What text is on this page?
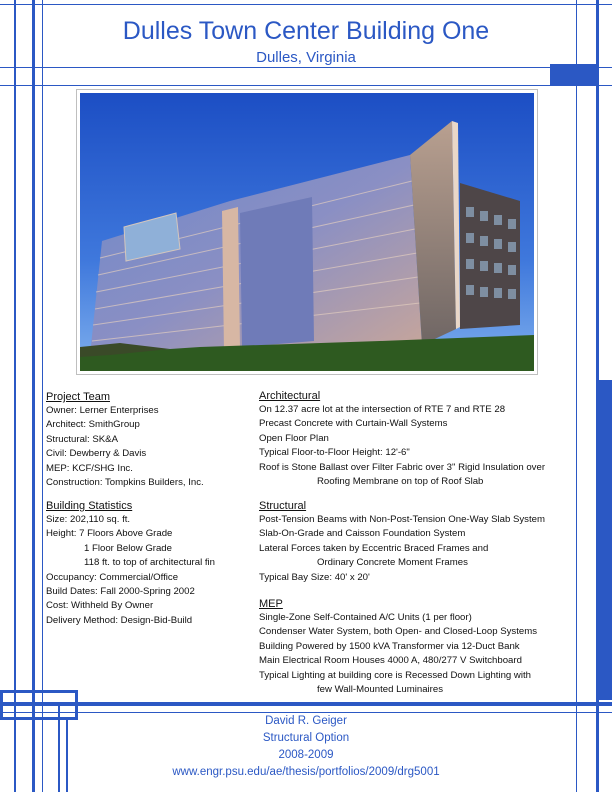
Dulles Town Center Building One
Dulles, Virginia
Project Team
Owner: Lerner Enterprises
Architect: SmithGroup
Structural: SK&A
Civil: Dewberry & Davis
MEP: KCF/SHG Inc.
Construction: Tompkins Builders, Inc.
Building Statistics
Size: 202,110 sq. ft.
Height: 7 Floors Above Grade
1 Floor Below Grade
118 ft. to top of architectural fin
Occupancy: Commercial/Office
Build Dates: Fall 2000-Spring 2002
Cost: Withheld By Owner
Delivery Method: Design-Bid-Build
Architectural
On 12.37 acre lot at the intersection of RTE 7 and RTE 28
Precast Concrete with Curtain-Wall Systems
Open Floor Plan
Typical Floor-to-Floor Height: 12'-6"
Roof is Stone Ballast over Filter Fabric over 3" Rigid Insulation over
Roofing Membrane on top of Roof Slab
Structural
Post-Tension Beams with Non-Post-Tension One-Way Slab System
Slab-On-Grade and Caisson Foundation System
Lateral Forces taken by Eccentric Braced Frames and
Ordinary Concrete Moment Frames
Typical Bay Size: 40' x 20'
MEP
Single-Zone Self-Contained A/C Units (1 per floor)
Condenser Water System, both Open- and Closed-Loop Systems
Building Powered by 1500 kVA Transformer via 12-Duct Bank
Main Electrical Room Houses 4000 A, 480/277 V Switchboard
Typical Lighting at building core is Recessed Down Lighting with
few Wall-Mounted Luminaires
David R. Geiger
Structural Option
2008-2009
www.engr.psu.edu/ae/thesis/portfolios/2009/drg5001
